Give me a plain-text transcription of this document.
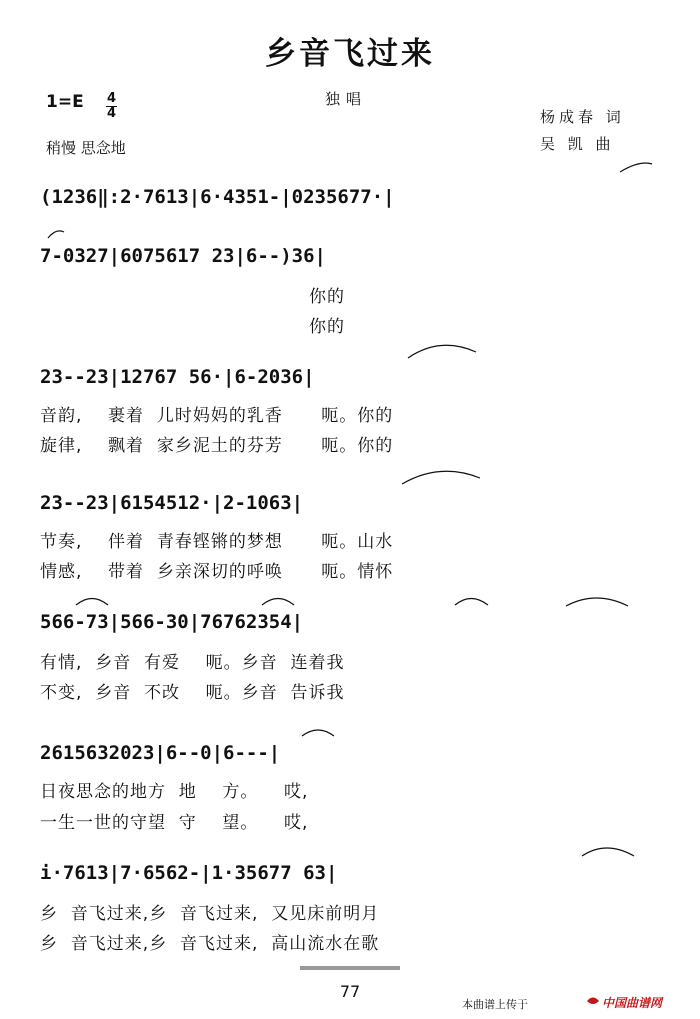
乡音飞过来
独唱
1=E 4
4
稍慢 思念地
杨成春 词
吴 凯 曲
(1236‖:2·7613|6·4351-|0235677·|
7-0327|6075617 23|6--)36|
你的
你的
23--23|12767 56·|6-2036|
音韵,    裹着  儿时妈妈的乳香      呃。你的
旋律,    飘着  家乡泥土的芬芳      呃。你的
23--23|6154512·|2-1063|
节奏,    伴着  青春铿锵的梦想      呃。山水
情感,    带着  乡亲深切的呼唤      呃。情怀
566-73|566-30|76762354|
有情,  乡音  有爱    呃。乡音  连着我
不变,  乡音  不改    呃。乡音  告诉我
2615632023|6--0|6---|
日夜思念的地方  地    方。    哎,
一生一世的守望  守    望。    哎,
i·7613|7·6562-|1·35677 63|
乡  音飞过来,乡  音飞过来,  又见床前明月
乡  音飞过来,乡  音飞过来,  高山流水在歌
77
本曲谱上传于	中国曲谱网
